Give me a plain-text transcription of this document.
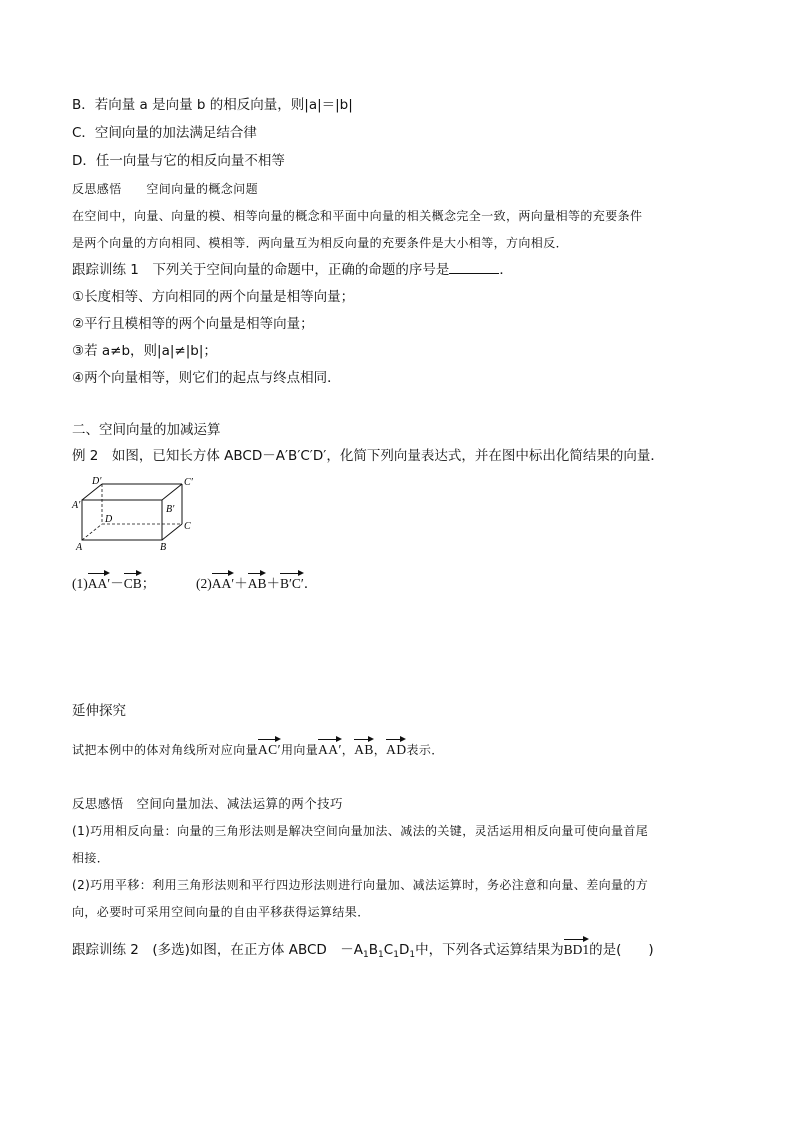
B．若向量 a 是向量 b 的相反向量，则|a|＝|b|
C．空间向量的加法满足结合律
D．任一向量与它的相反向量不相等
反思感悟　　空间向量的概念问题
在空间中，向量、向量的模、相等向量的概念和平面中向量的相关概念完全一致，两向量相等的充要条件
是两个向量的方向相同、模相等．两向量互为相反向量的充要条件是大小相等，方向相反．
跟踪训练 1　下列关于空间向量的命题中，正确的命题的序号是	．
①长度相等、方向相同的两个向量是相等向量；
②平行且模相等的两个向量是相等向量；
③若 a≠b，则|a|≠|b|；
④两个向量相等，则它们的起点与终点相同．
二、空间向量的加减运算
例 2　如图，已知长方体 ABCD－A′B′C′D′，化简下列向量表达式，并在图中标出化简结果的向量．
D′	C′
A′	B′
D
C
A	B
(1)AA′－CB；	(2)AA′＋AB＋B′C′．
延伸探究
试把本例中的体对角线所对应向量AC′用向量AA′，AB，AD表示．
反思感悟　空间向量加法、减法运算的两个技巧
(1)巧用相反向量：向量的三角形法则是解决空间向量加法、减法的关键，灵活运用相反向量可使向量首尾
相接．
(2)巧用平移：利用三角形法则和平行四边形法则进行向量加、减法运算时，务必注意和向量、差向量的方
向，必要时可采用空间向量的自由平移获得运算结果．
跟踪训练 2　(多选)如图，在正方体 ABCD　$-A_1B_1C_1D_1$中，下列各式运算结果为BD1的是(　　)
